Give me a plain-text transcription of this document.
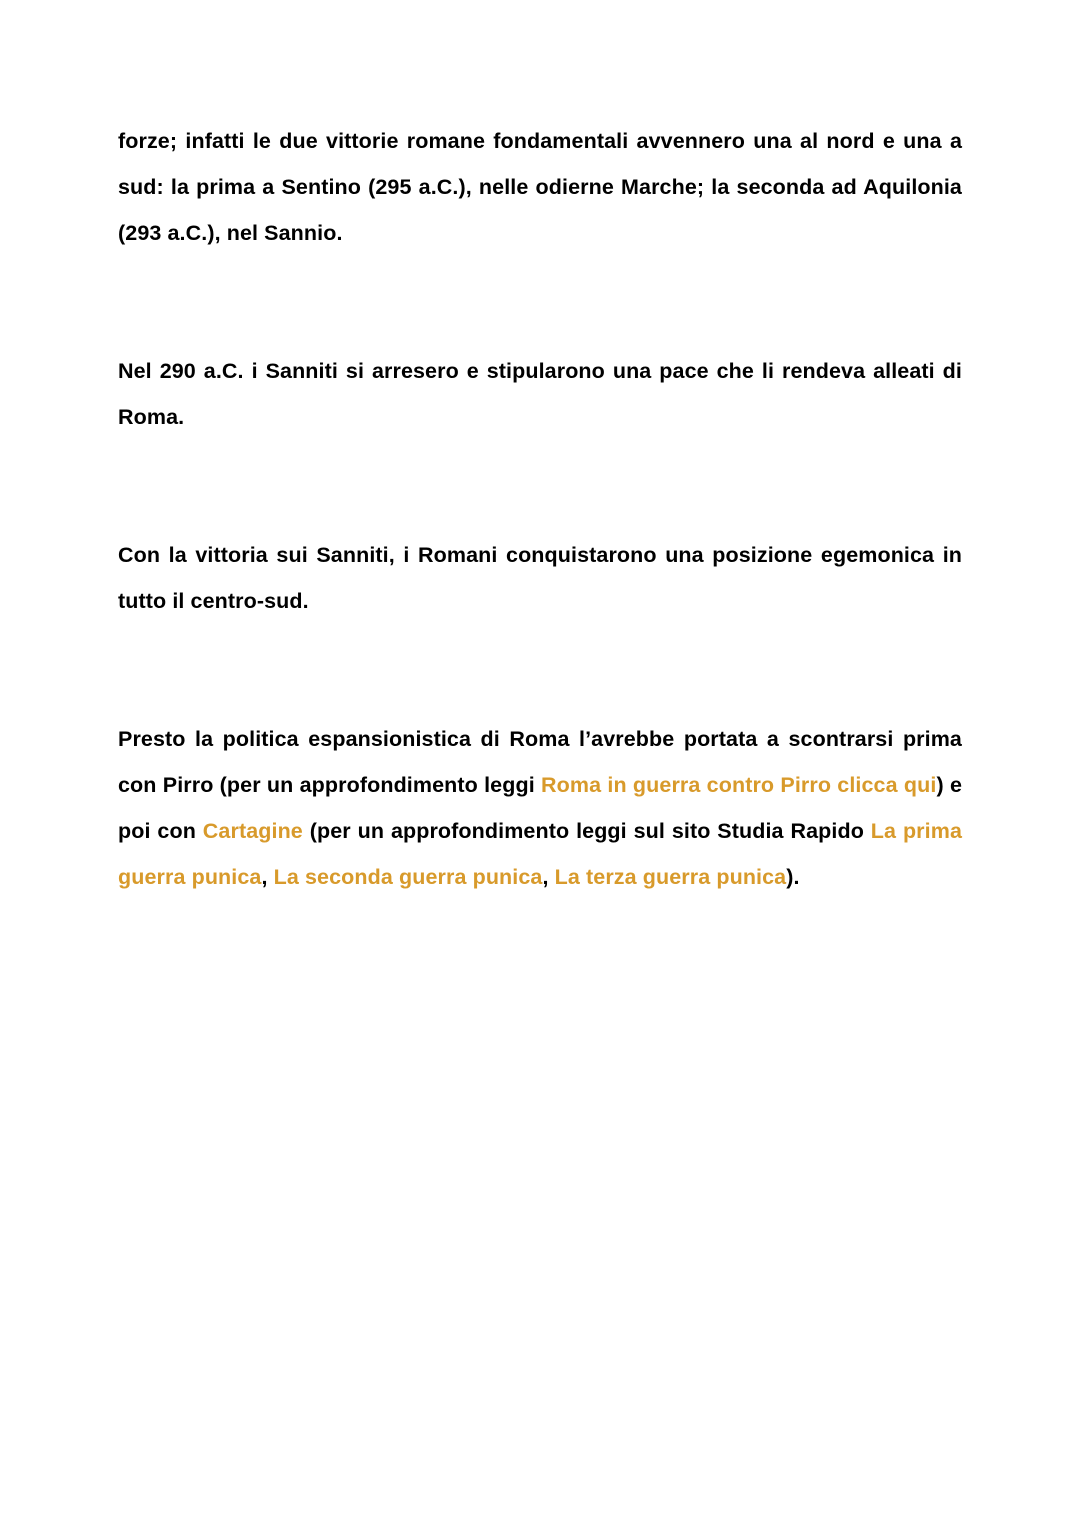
forze; infatti le due vittorie romane fondamentali avvennero una al nord e una a sud: la prima a Sentino (295 a.C.), nelle odierne Marche; la seconda ad Aquilonia (293 a.C.), nel Sannio.

Nel 290 a.C. i Sanniti si arresero e stipularono una pace che li rendeva alleati di Roma.

Con la vittoria sui Sanniti, i Romani conquistarono una posizione egemonica in tutto il centro-sud.

Presto la politica espansionistica di Roma l’avrebbe portata a scontrarsi prima con Pirro (per un approfondimento leggi Roma in guerra contro Pirro clicca qui) e poi con Cartagine (per un approfondimento leggi sul sito Studia Rapido La prima guerra punica, La seconda guerra punica, La terza guerra punica).
